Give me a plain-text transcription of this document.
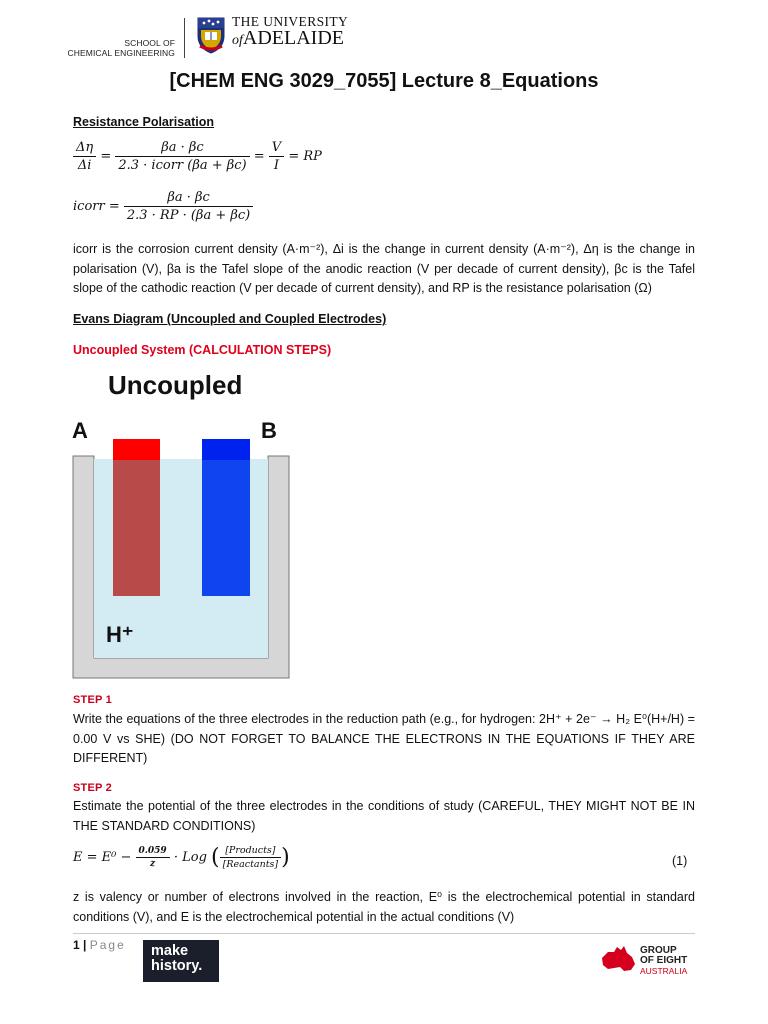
SCHOOL OF
CHEMICAL ENGINEERING
THE UNIVERSITY
ofADELAIDE
[CHEM ENG 3029_7055] Lecture 8_Equations
Resistance Polarisation
$\frac{\Delta\eta}{\Delta i} = \frac{\beta a \cdot \beta c}{\text{2.3 · icorr (βa + βc)}} = \frac{V}{I}$ = RP
icorr = $\frac{\beta a \cdot \beta c}{2.3 \cdot RP \cdot (\beta a + \beta c)}$
icorr is the corrosion current density (A·m⁻²), Δi is the change in current density (A·m⁻²), Δη is the change in polarisation (V), βa is the Tafel slope of the anodic reaction (V per decade of current density), βc is the Tafel slope of the cathodic reaction (V per decade of current density), and RP is the resistance polarisation (Ω)
Evans Diagram (Uncoupled and Coupled Electrodes)
Uncoupled System (CALCULATION STEPS)
Uncoupled
A	B
H⁺
STEP 1
Write the equations of the three electrodes in the reduction path (e.g., for hydrogen: 2H⁺ + 2e⁻ → H₂ E⁰(H+/H) = 0.00 V vs SHE) (DO NOT FORGET TO BALANCE THE ELECTRONS IN THE EQUATIONS IF THEY ARE DIFFERENT)
STEP 2
Estimate the potential of the three electrodes in the conditions of study (CAREFUL, THEY MIGHT NOT BE IN THE STANDARD CONDITIONS)
$E = E^0 - \frac{0.059}{z}$ · Log ( $\frac{\text{[Products]}}{\text{[Reactants]}}$ )	(1)
z is valency or number of electrons involved in the reaction, E⁰ is the electrochemical potential in standard conditions (V), and E is the electrochemical potential in the actual conditions (V)
1 | Page make
history.
GROUP
OF EIGHT
AUSTRALIA
